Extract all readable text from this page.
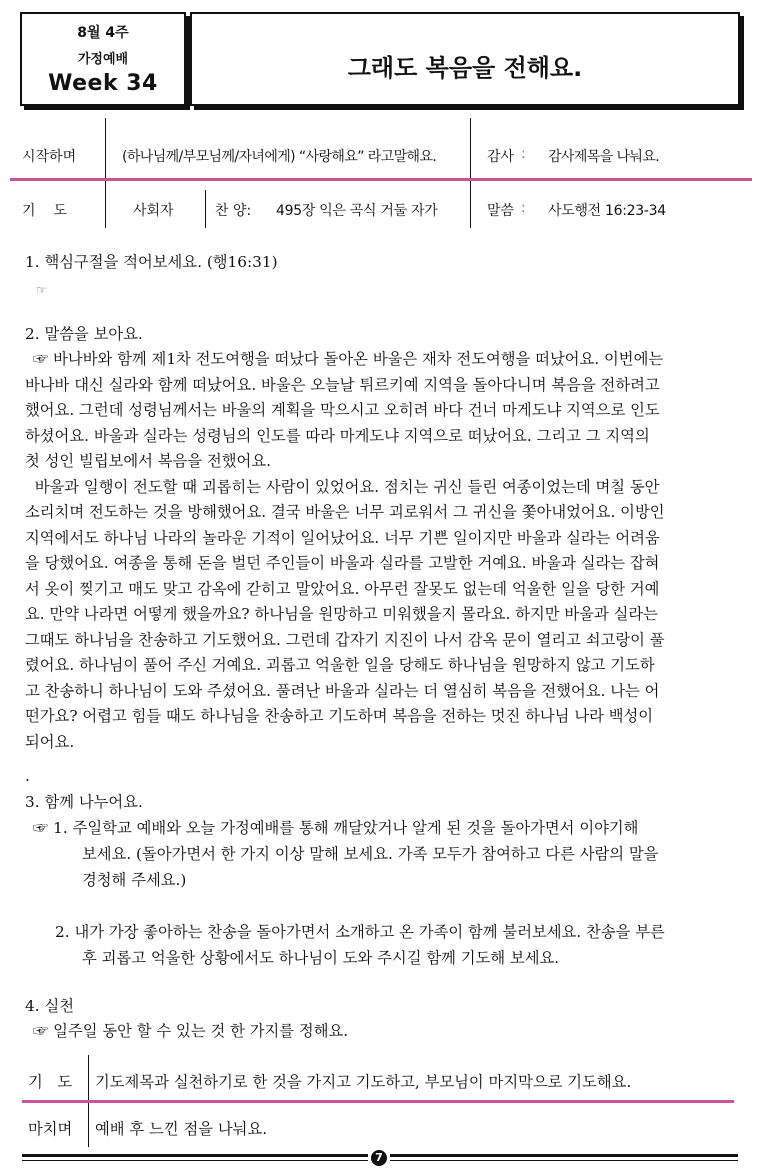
8월 4주
가정예배
Week 34
그래도 복음을 전해요.
시작하며	(하나님께/부모님께/자녀에게) “사랑해요” 라고말해요.	감사 : 감사제목을 나눠요.
기    도	사회자	찬 양: 495장 익은 곡식 거둘 자가	말씀 : 사도행전 16:23-34
1. 핵심구절을 적어보세요. (행16:31)
☞
2. 말씀을 보아요.
☞ 바나바와 함께 제1차 전도여행을 떠났다 돌아온 바울은 재차 전도여행을 떠났어요. 이번에는
바나바 대신 실라와 함께 떠났어요. 바울은 오늘날 튀르키예 지역을 돌아다니며 복음을 전하려고
했어요. 그런데 성령님께서는 바울의 계획을 막으시고 오히려 바다 건너 마게도냐 지역으로 인도
하셨어요. 바울과 실라는 성령님의 인도를 따라 마게도냐 지역으로 떠났어요. 그리고 그 지역의
첫 성인 빌립보에서 복음을 전했어요.
바울과 일행이 전도할 때 괴롭히는 사람이 있었어요. 점치는 귀신 들린 여종이었는데 며칠 동안
소리치며 전도하는 것을 방해했어요. 결국 바울은 너무 괴로워서 그 귀신을 쫓아내었어요. 이방인
지역에서도 하나님 나라의 놀라운 기적이 일어났어요. 너무 기쁜 일이지만 바울과 실라는 어려움
을 당했어요. 여종을 통해 돈을 벌던 주인들이 바울과 실라를 고발한 거예요. 바울과 실라는 잡혀
서 옷이 찢기고 매도 맞고 감옥에 갇히고 말았어요. 아무런 잘못도 없는데 억울한 일을 당한 거예
요. 만약 나라면 어떻게 했을까요? 하나님을 원망하고 미워했을지 몰라요. 하지만 바울과 실라는
그때도 하나님을 찬송하고 기도했어요. 그런데 갑자기 지진이 나서 감옥 문이 열리고 쇠고랑이 풀
렸어요. 하나님이 풀어 주신 거예요. 괴롭고 억울한 일을 당해도 하나님을 원망하지 않고 기도하
고 찬송하니 하나님이 도와 주셨어요. 풀려난 바울과 실라는 더 열심히 복음을 전했어요. 나는 어
떤가요? 어렵고 힘들 때도 하나님을 찬송하고 기도하며 복음을 전하는 멋진 하나님 나라 백성이
되어요.
.
3. 함께 나누어요.
☞ 1. 주일학교 예배와 오늘 가정예배를 통해 깨달았거나 알게 된 것을 돌아가면서 이야기해
보세요. (돌아가면서 한 가지 이상 말해 보세요. 가족 모두가 참여하고 다른 사람의 말을
경청해 주세요.)
2. 내가 가장 좋아하는 찬송을 돌아가면서 소개하고 온 가족이 함께 불러보세요. 찬송을 부른
후 괴롭고 억울한 상황에서도 하나님이 도와 주시길 함께 기도해 보세요.
4. 실천
☞ 일주일 동안 할 수 있는 것 한 가지를 정해요.
기   도 기도제목과 실천하기로 한 것을 가지고 기도하고, 부모님이 마지막으로 기도해요.
마치며 예배 후 느낀 점을 나눠요.
7
